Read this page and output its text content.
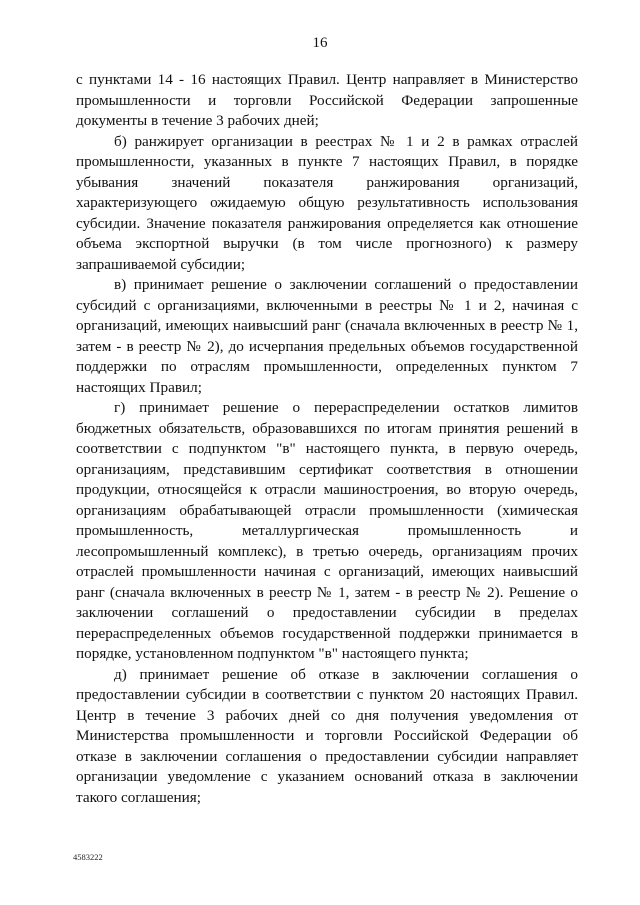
16

с пунктами 14 - 16 настоящих Правил. Центр направляет в Министерство промышленности и торговли Российской Федерации запрошенные документы в течение 3 рабочих дней;

б) ранжирует организации в реестрах № 1 и 2 в рамках отраслей промышленности, указанных в пункте 7 настоящих Правил, в порядке убывания значений показателя ранжирования организаций, характеризующего ожидаемую общую результативность использования субсидии. Значение показателя ранжирования определяется как отношение объема экспортной выручки (в том числе прогнозного) к размеру запрашиваемой субсидии;

в) принимает решение о заключении соглашений о предоставлении субсидий с организациями, включенными в реестры № 1 и 2, начиная с организаций, имеющих наивысший ранг (сначала включенных в реестр № 1, затем - в реестр № 2), до исчерпания предельных объемов государственной поддержки по отраслям промышленности, определенных пунктом 7 настоящих Правил;

г) принимает решение о перераспределении остатков лимитов бюджетных обязательств, образовавшихся по итогам принятия решений в соответствии с подпунктом "в" настоящего пункта, в первую очередь, организациям, представившим сертификат соответствия в отношении продукции, относящейся к отрасли машиностроения, во вторую очередь, организациям обрабатывающей отрасли промышленности (химическая промышленность, металлургическая промышленность и лесопромышленный комплекс), в третью очередь, организациям прочих отраслей промышленности начиная с организаций, имеющих наивысший ранг (сначала включенных в реестр № 1, затем - в реестр № 2). Решение о заключении соглашений о предоставлении субсидии в пределах перераспределенных объемов государственной поддержки принимается в порядке, установленном подпунктом "в" настоящего пункта;

д) принимает решение об отказе в заключении соглашения о предоставлении субсидии в соответствии с пунктом 20 настоящих Правил. Центр в течение 3 рабочих дней со дня получения уведомления от Министерства промышленности и торговли Российской Федерации об отказе в заключении соглашения о предоставлении субсидии направляет организации уведомление с указанием оснований отказа в заключении такого соглашения;

4583222
